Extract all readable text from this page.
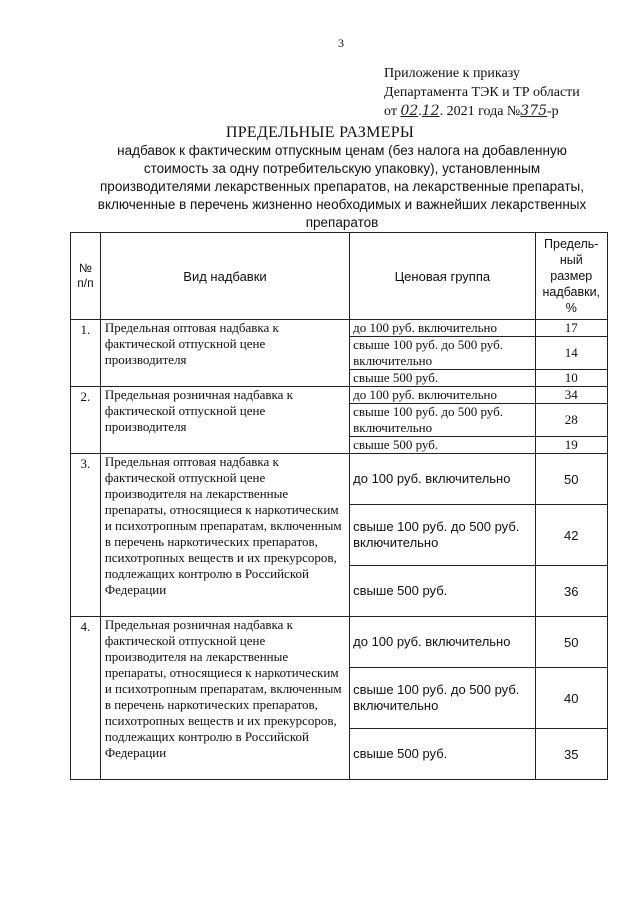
3
Приложение к приказу
Департамента ТЭК и ТР области
от 02.12. 2021 года №375-р
ПРЕДЕЛЬНЫЕ РАЗМЕРЫ
надбавок к фактическим отпускным ценам (без налога на добавленную стоимость за одну потребительскую упаковку), установленным производителями лекарственных препаратов, на лекарственные препараты, включенные в перечень жизненно необходимых и важнейших лекарственных препаратов
№ п/п	Вид надбавки	Ценовая группа	Предель-ный размер надбавки, %
1.	Предельная оптовая надбавка к фактической отпускной цене производителя	до 100 руб. включительно	17
		свыше 100 руб. до 500 руб. включительно	14
		свыше 500 руб.	10
2.	Предельная розничная надбавка к фактической отпускной цене производителя	до 100 руб. включительно	34
		свыше 100 руб. до 500 руб. включительно	28
		свыше 500 руб.	19
3.	Предельная оптовая надбавка к фактической отпускной цене производителя на лекарственные препараты, относящиеся к наркотическим и психотропным препаратам, включенным в перечень наркотических препаратов, психотропных веществ и их прекурсоров, подлежащих контролю в Российской Федерации	до 100 руб. включительно	50
		свыше 100 руб. до 500 руб. включительно	42
		свыше 500 руб.	36
4.	Предельная розничная надбавка к фактической отпускной цене производителя на лекарственные препараты, относящиеся к наркотическим и психотропным препаратам, включенным в перечень наркотических препаратов, психотропных веществ и их прекурсоров, подлежащих контролю в Российской Федерации	до 100 руб. включительно	50
		свыше 100 руб. до 500 руб. включительно	40
		свыше 500 руб.	35
